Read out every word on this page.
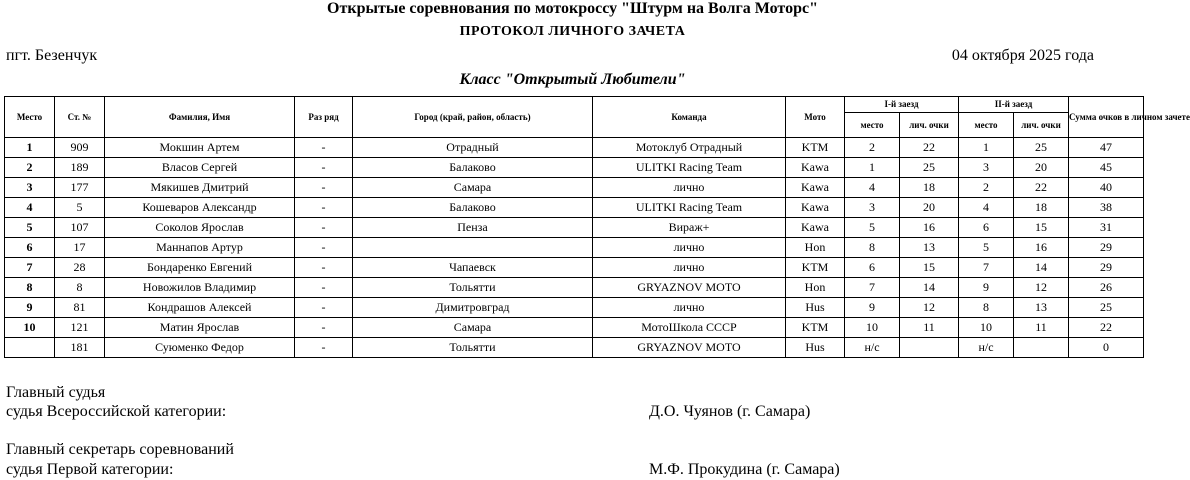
Открытые соревнования по мотокроссу "Штурм на Волга Моторс"
ПРОТОКОЛ ЛИЧНОГО ЗАЧЕТА
пгт. Безенчук	04 октября 2025 года
Класс "Открытый Любители"
Место	Ст. №	Фамилия, Имя	Раз ряд	Город (край, район, область)	Команда	Мото	I-й заезд		II-й заезд		Сумма очков в личном зачете
							место	лич. очки	место	лич. очки	
1	909	Мокшин Артем	-	Отрадный	Мотоклуб Отрадный	KTM	2	22	1	25	47
2	189	Власов Сергей	-	Балаково	ULITKI Racing Team	Kawa	1	25	3	20	45
3	177	Мякишев Дмитрий	-	Самара	лично	Kawa	4	18	2	22	40
4	5	Кошеваров Александр	-	Балаково	ULITKI Racing Team	Kawa	3	20	4	18	38
5	107	Соколов Ярослав	-	Пенза	Вираж+	Kawa	5	16	6	15	31
6	17	Маннапов Артур	-		лично	Hon	8	13	5	16	29
7	28	Бондаренко Евгений	-	Чапаевск	лично	KTM	6	15	7	14	29
8	8	Новожилов Владимир	-	Тольятти	GRYAZNOV MOTO	Hon	7	14	9	12	26
9	81	Кондрашов Алексей	-	Димитровград	лично	Hus	9	12	8	13	25
10	121	Матин Ярослав	-	Самара	МотоШкола СССР	KTM	10	11	10	11	22
	181	Суюменко Федор	-	Тольятти	GRYAZNOV MOTO	Hus	н/с		н/с		0
Главный судья
судья Всероссийской категории:	Д.О. Чуянов (г. Самара)
Главный секретарь соревнований
судья Первой категории:	М.Ф. Прокудина (г. Самара)
